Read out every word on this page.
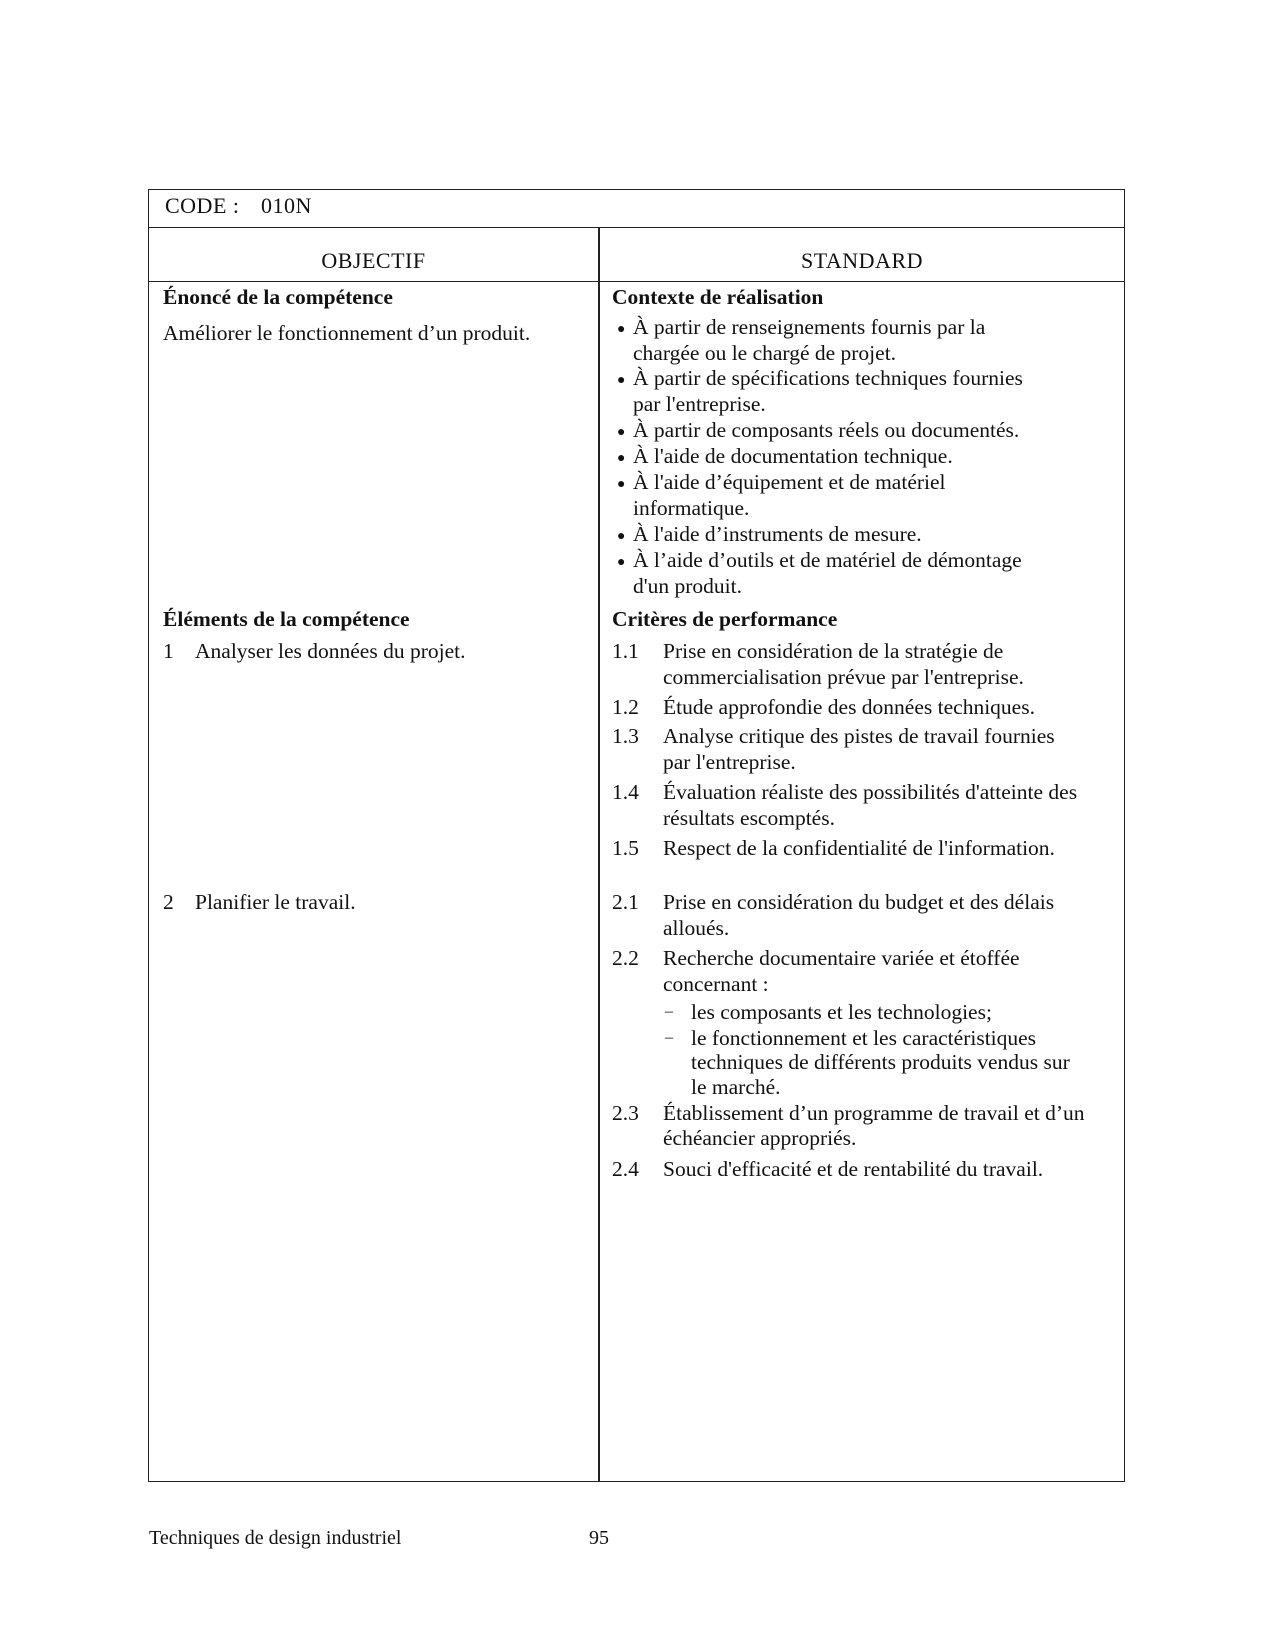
CODE : 010N
OBJECTIF	STANDARD
Énoncé de la compétence
Améliorer le fonctionnement d’un produit.
Éléments de la compétence
1 Analyser les données du projet.
2 Planifier le travail.
Contexte de réalisation
● À partir de renseignements fournis par la
chargée ou le chargé de projet.
● À partir de spécifications techniques fournies
par l'entreprise.
● À partir de composants réels ou documentés.
● À l'aide de documentation technique.
● À l'aide d’équipement et de matériel
informatique.
● À l'aide d’instruments de mesure.
● À l’aide d’outils et de matériel de démontage
d'un produit.
Critères de performance
1.1 Prise en considération de la stratégie de
commercialisation prévue par l'entreprise.
1.2 Étude approfondie des données techniques.
1.3 Analyse critique des pistes de travail fournies
par l'entreprise.
1.4 Évaluation réaliste des possibilités d'atteinte des
résultats escomptés.
1.5 Respect de la confidentialité de l'information.
2.1 Prise en considération du budget et des délais
alloués.
2.2 Recherche documentaire variée et étoffée
concernant :
– les composants et les technologies;
– le fonctionnement et les caractéristiques
techniques de différents produits vendus sur
le marché.
2.3 Établissement d’un programme de travail et d’un
échéancier appropriés.
2.4 Souci d'efficacité et de rentabilité du travail.
Techniques de design industriel	95
